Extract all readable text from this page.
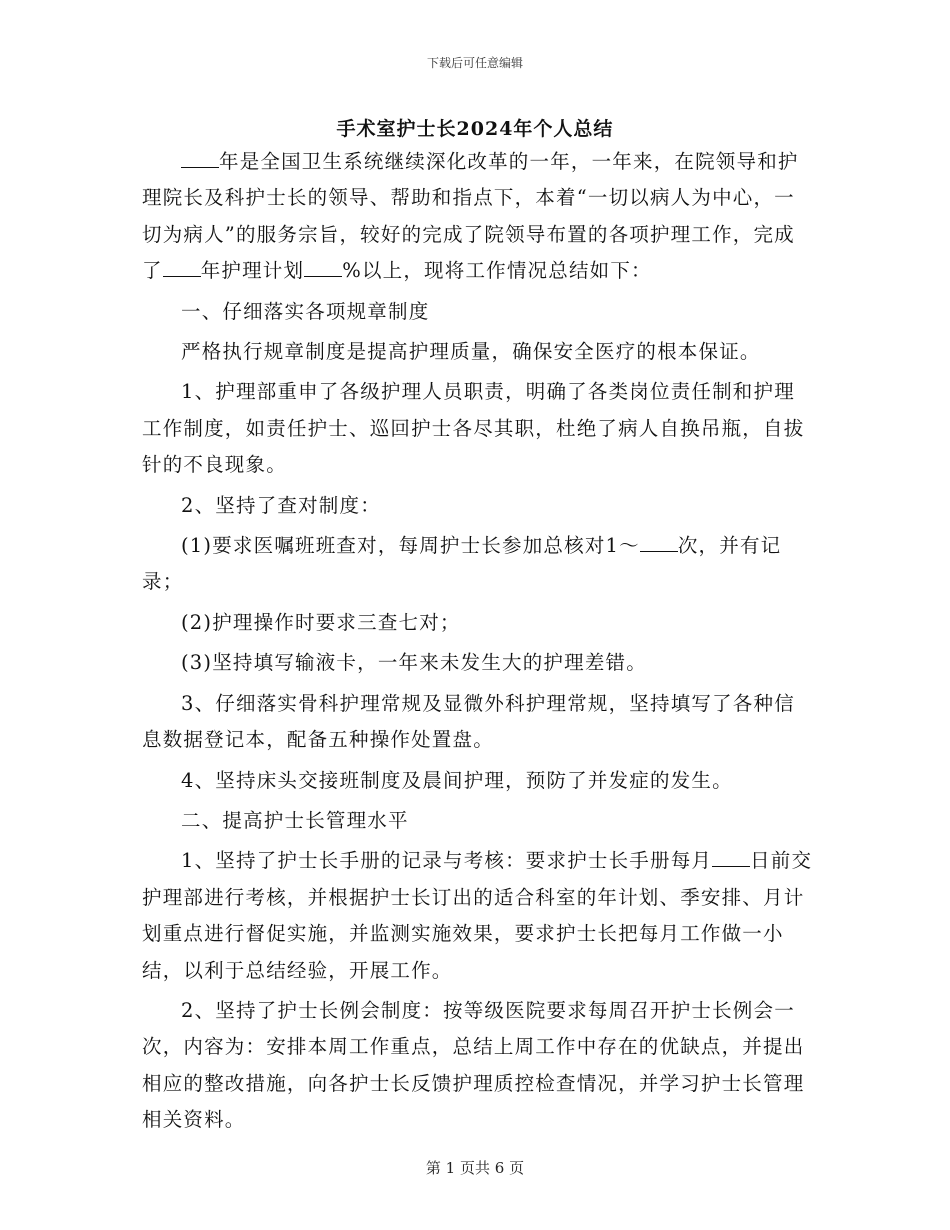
下载后可任意编辑
手术室护士长2024年个人总结

年是全国卫生系统继续深化改革的一年，一年来，在院领导和护理院长及科护士长的领导、帮助和指点下，本着“一切以病人为中心，一切为病人”的服务宗旨，较好的完成了院领导布置的各项护理工作，完成了 年护理计划 %以上，现将工作情况总结如下：

一、仔细落实各项规章制度

严格执行规章制度是提高护理质量，确保安全医疗的根本保证。

1、护理部重申了各级护理人员职责，明确了各类岗位责任制和护理工作制度，如责任护士、巡回护士各尽其职，杜绝了病人自换吊瓶，自拔针的不良现象。

2、坚持了查对制度：

(1)要求医嘱班班查对，每周护士长参加总核对1～ 次，并有记录；

(2)护理操作时要求三查七对；

(3)坚持填写输液卡，一年来未发生大的护理差错。

3、仔细落实骨科护理常规及显微外科护理常规，坚持填写了各种信息数据登记本，配备五种操作处置盘。

4、坚持床头交接班制度及晨间护理，预防了并发症的发生。

二、提高护士长管理水平

1、坚持了护士长手册的记录与考核：要求护士长手册每月 日前交护理部进行考核，并根据护士长订出的适合科室的年计划、季安排、月计划重点进行督促实施，并监测实施效果，要求护士长把每月工作做一小结，以利于总结经验，开展工作。

2、坚持了护士长例会制度：按等级医院要求每周召开护士长例会一次，内容为：安排本周工作重点，总结上周工作中存在的优缺点，并提出相应的整改措施，向各护士长反馈护理质控检查情况，并学习护士长管理相关资料。

第 1 页共 6 页
